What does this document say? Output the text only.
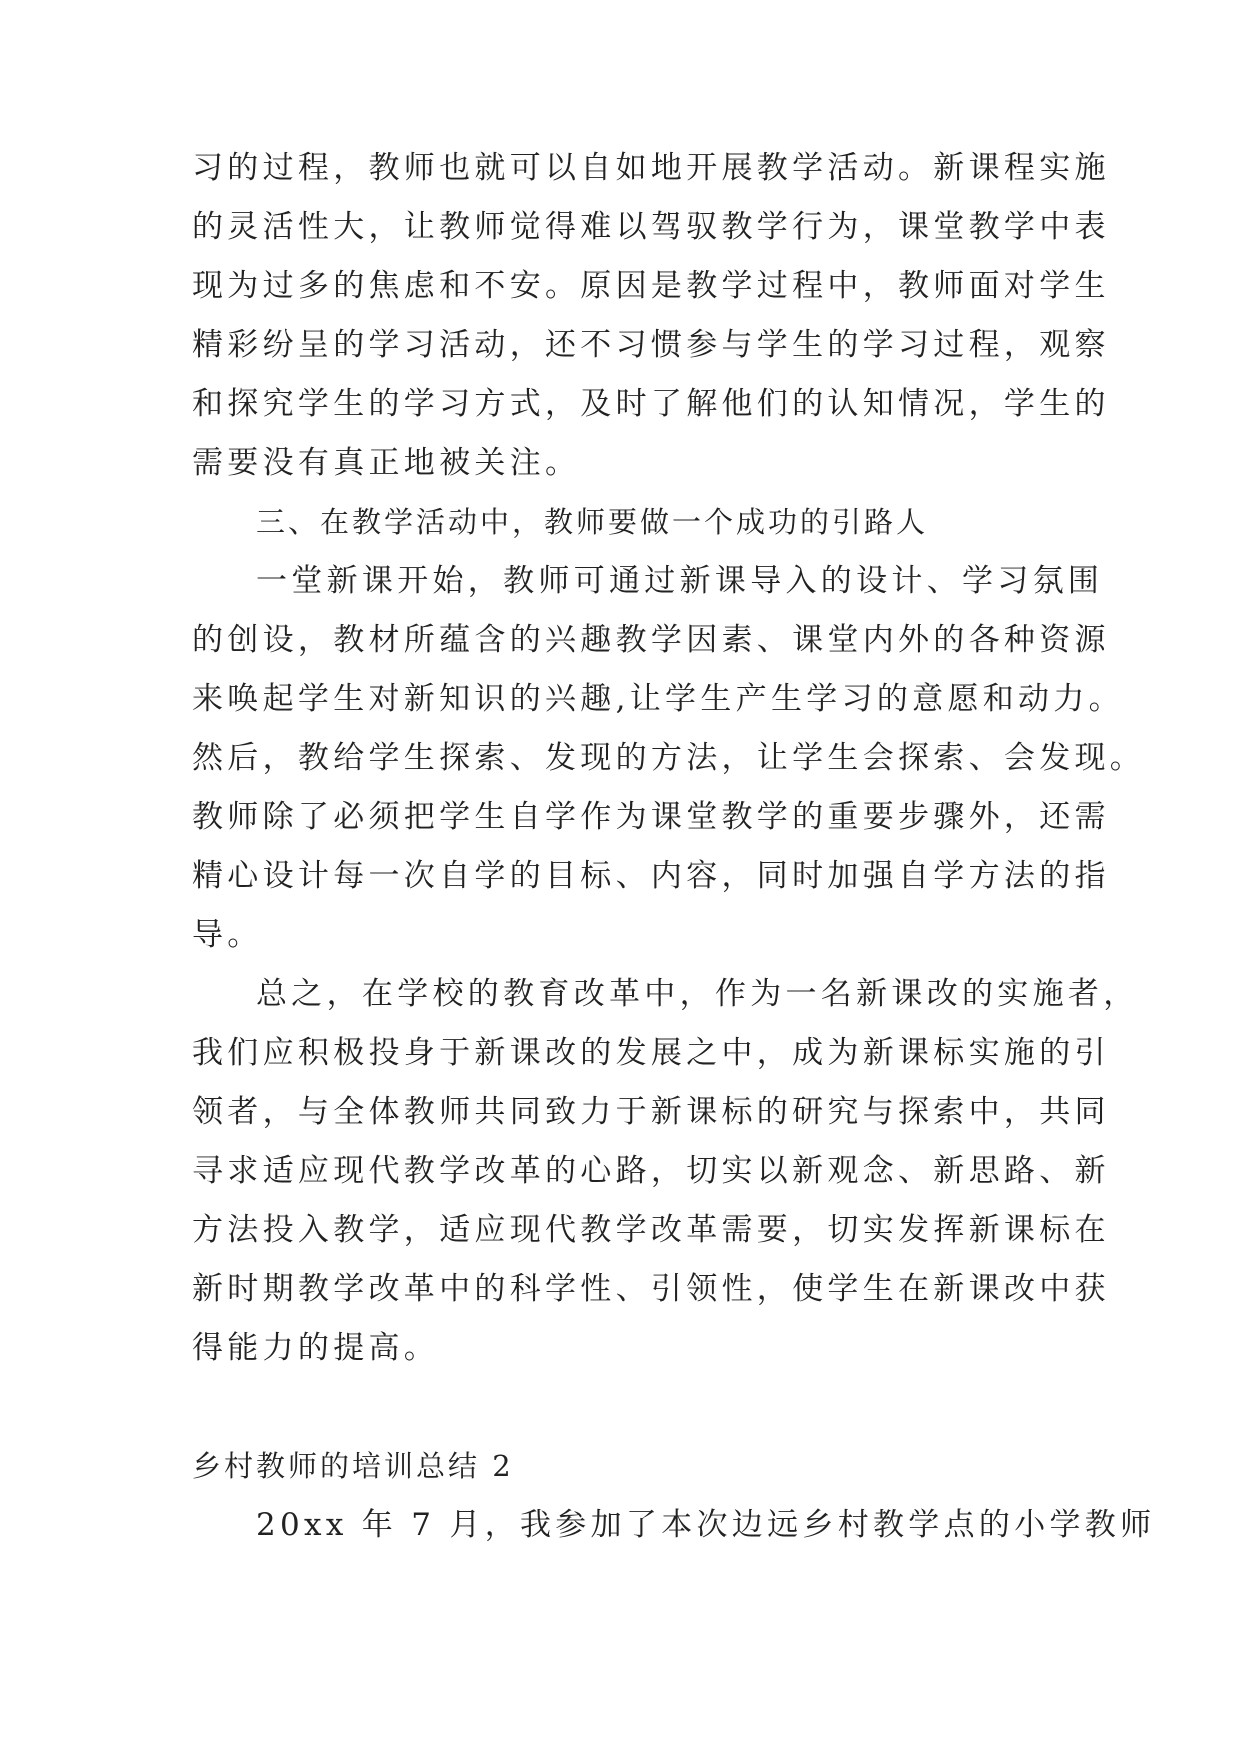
习的过程，教师也就可以自如地开展教学活动。新课程实施

的灵活性大，让教师觉得难以驾驭教学行为，课堂教学中表

现为过多的焦虑和不安。原因是教学过程中，教师面对学生

精彩纷呈的学习活动，还不习惯参与学生的学习过程，观察

和探究学生的学习方式，及时了解他们的认知情况，学生的

需要没有真正地被关注。

三、在教学活动中，教师要做一个成功的引路人

一堂新课开始，教师可通过新课导入的设计、学习氛围

的创设，教材所蕴含的兴趣教学因素、课堂内外的各种资源

来唤起学生对新知识的兴趣,让学生产生学习的意愿和动力。

然后，教给学生探索、发现的方法，让学生会探索、会发现。

教师除了必须把学生自学作为课堂教学的重要步骤外，还需

精心设计每一次自学的目标、内容，同时加强自学方法的指

导。

总之，在学校的教育改革中，作为一名新课改的实施者，

我们应积极投身于新课改的发展之中，成为新课标实施的引

领者，与全体教师共同致力于新课标的研究与探索中，共同

寻求适应现代教学改革的心路，切实以新观念、新思路、新

方法投入教学，适应现代教学改革需要，切实发挥新课标在

新时期教学改革中的科学性、引领性，使学生在新课改中获

得能力的提高。

乡村教师的培训总结 2

20xx 年 7 月，我参加了本次边远乡村教学点的小学教师
